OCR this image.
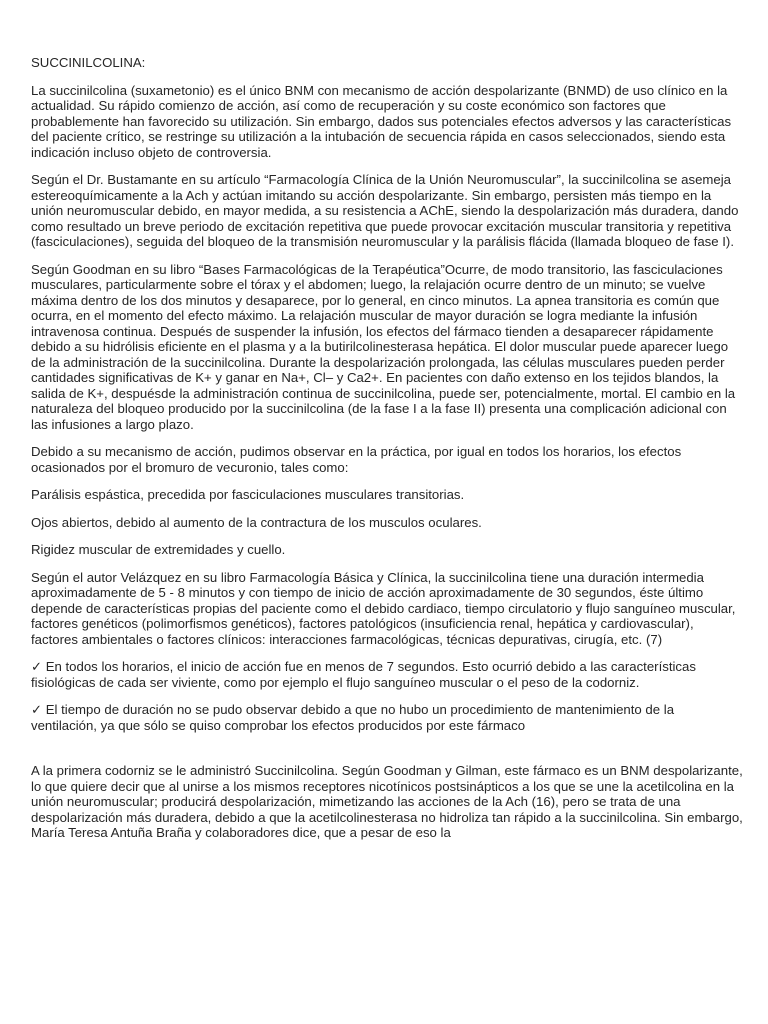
SUCCINILCOLINA:

La succinilcolina (suxametonio) es el único BNM con mecanismo de acción despolarizante (BNMD) de uso clínico en la actualidad. Su rápido comienzo de acción, así como de recuperación y su coste económico son factores que probablemente han favorecido su utilización. Sin embargo, dados sus potenciales efectos adversos y las características del paciente crítico, se restringe su utilización a la intubación de secuencia rápida en casos seleccionados, siendo esta indicación incluso objeto de controversia.

Según el Dr. Bustamante en su artículo “Farmacología Clínica de la Unión Neuromuscular”, la succinilcolina se asemeja estereoquímicamente a la Ach y actúan imitando su acción despolarizante. Sin embargo, persisten más tiempo en la unión neuromuscular debido, en mayor medida, a su resistencia a AChE, siendo la despolarización más duradera, dando como resultado un breve periodo de excitación repetitiva que puede provocar excitación muscular transitoria y repetitiva (fasciculaciones), seguida del bloqueo de la transmisión neuromuscular y la parálisis flácida (llamada bloqueo de fase I).

Según Goodman en su libro “Bases Farmacológicas de la Terapéutica”Ocurre, de modo transitorio, las fasciculaciones musculares, particularmente sobre el tórax y el abdomen; luego, la relajación ocurre dentro de un minuto; se vuelve máxima dentro de los dos minutos y desaparece, por lo general, en cinco minutos. La apnea transitoria es común que ocurra, en el momento del efecto máximo. La relajación muscular de mayor duración se logra mediante la infusión intravenosa continua. Después de suspender la infusión, los efectos del fármaco tienden a desaparecer rápidamente debido a su hidrólisis eficiente en el plasma y a la butirilcolinesterasa hepática. El dolor muscular puede aparecer luego de la administración de la succinilcolina. Durante la despolarización prolongada, las células musculares pueden perder cantidades significativas de K+ y ganar en Na+, Cl– y Ca2+. En pacientes con daño extenso en los tejidos blandos, la salida de K+, despuésde la administración continua de succinilcolina, puede ser, potencialmente, mortal. El cambio en la naturaleza del bloqueo producido por la succinilcolina (de la fase I a la fase II) presenta una complicación adicional con las infusiones a largo plazo.

Debido a su mecanismo de acción, pudimos observar en la práctica, por igual en todos los horarios, los efectos ocasionados por el bromuro de vecuronio, tales como:

Parálisis espástica, precedida por fasciculaciones musculares transitorias.

Ojos abiertos, debido al aumento de la contractura de los musculos oculares.

Rigidez muscular de extremidades y cuello.

Según el autor Velázquez en su libro Farmacología Básica y Clínica, la succinilcolina tiene una duración intermedia aproximadamente de 5 - 8 minutos y con tiempo de inicio de acción aproximadamente de 30 segundos, éste último depende de características propias del paciente como el debido cardiaco, tiempo circulatorio y flujo sanguíneo muscular, factores genéticos (polimorfismos genéticos), factores patológicos (insuficiencia renal, hepática y cardiovascular), factores ambientales o factores clínicos: interacciones farmacológicas, técnicas depurativas, cirugía, etc. (7)

✓ En todos los horarios, el inicio de acción fue en menos de 7 segundos. Esto ocurrió debido a las características fisiológicas de cada ser viviente, como por ejemplo el flujo sanguíneo muscular o el peso de la codorniz.

✓ El tiempo de duración no se pudo observar debido a que no hubo un procedimiento de mantenimiento de la ventilación, ya que sólo se quiso comprobar los efectos producidos por este fármaco

A la primera codorniz se le administró Succinilcolina. Según Goodman y Gilman, este fármaco es un BNM despolarizante, lo que quiere decir que al unirse a los mismos receptores nicotínicos postsinápticos a los que se une la acetilcolina en la unión neuromuscular; producirá despolarización, mimetizando las acciones de la Ach (16), pero se trata de una despolarización más duradera, debido a que la acetilcolinesterasa no hidroliza tan rápido a la succinilcolina. Sin embargo, María Teresa Antuña Braña y colaboradores dice, que a pesar de eso la
